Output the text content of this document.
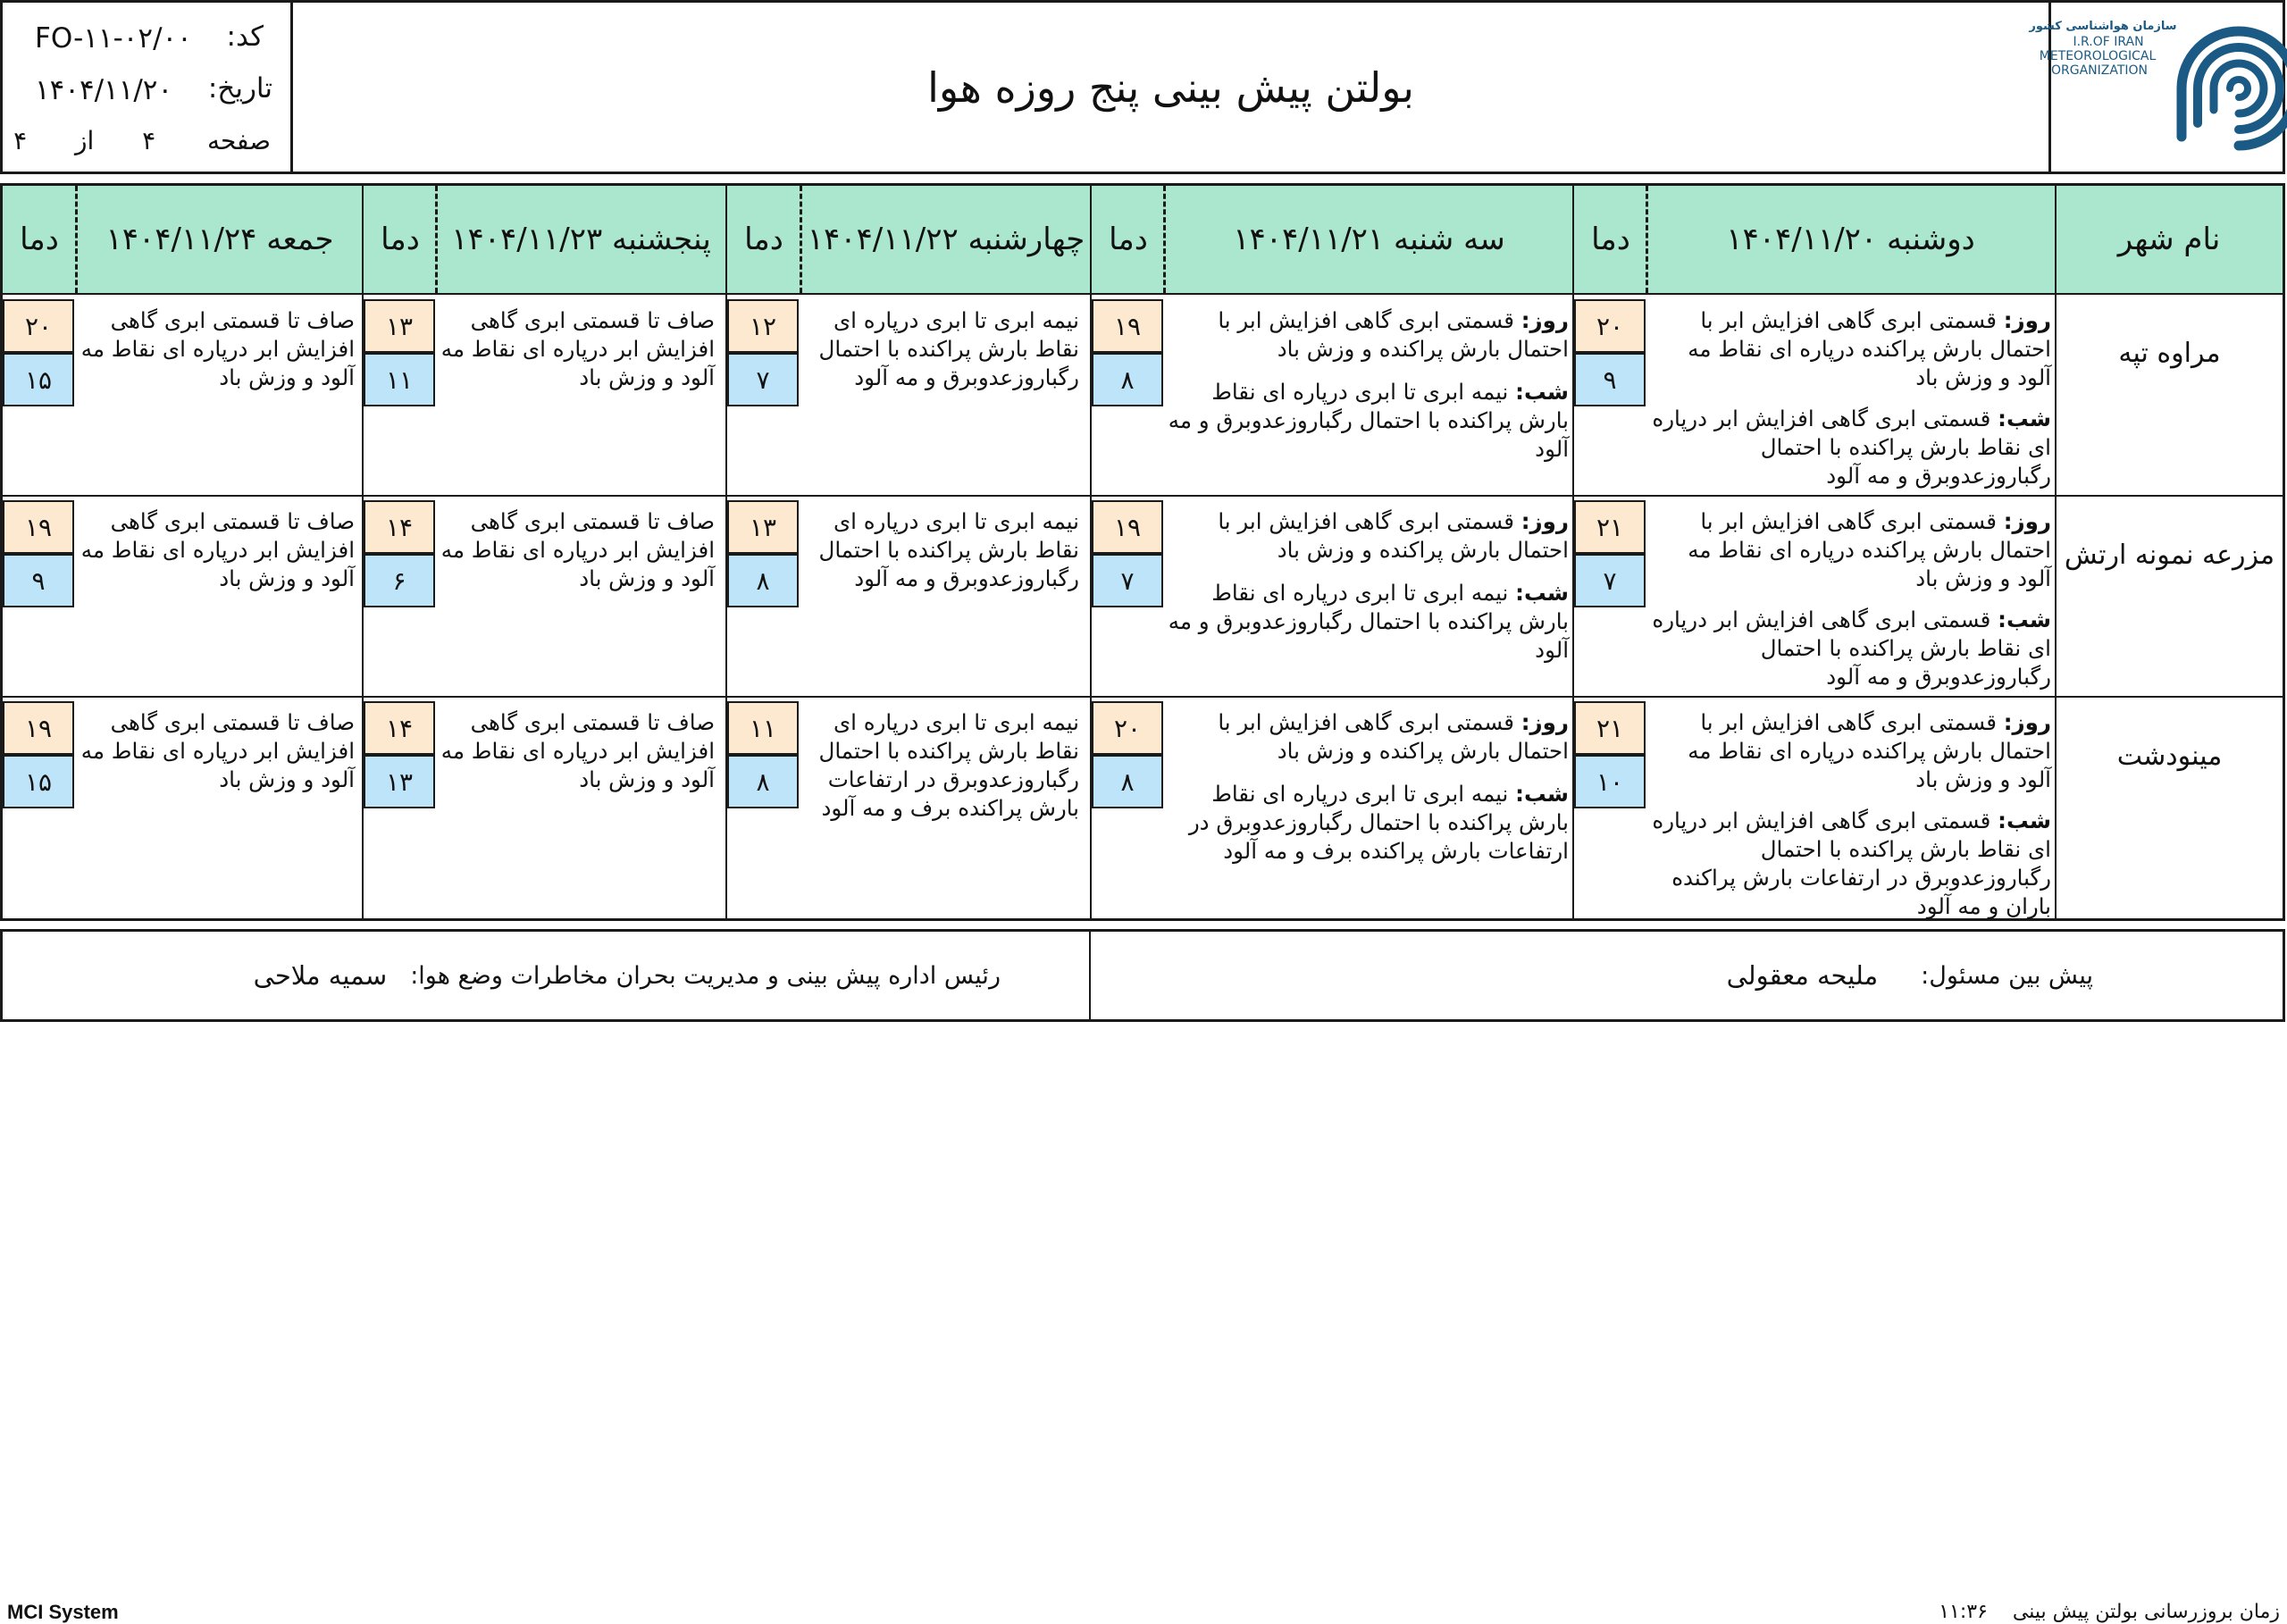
کد:
FO-۱۱-۰۲/۰۰
تاریخ:
۱۴۰۴/۱۱/۲۰
صفحه  ۴  از  ۴
بولتن پیش بینی پنج روزه هوا
سازمان هواشناسی کشور
I.R.OF IRAN
METEOROLOGICAL
ORGANIZATION
نام شهر
دوشنبه ۱۴۰۴/۱۱/۲۰
دما
سه شنبه ۱۴۰۴/۱۱/۲۱
دما
چهارشنبه ۱۴۰۴/۱۱/۲۲
دما
پنجشنبه ۱۴۰۴/۱۱/۲۳
دما
جمعه ۱۴۰۴/۱۱/۲۴
دما
مراوه تپه
روز: قسمتی ابری گاهی افزایش ابر با احتمال بارش پراکنده درپاره ای نقاط مه آلود و وزش باد
شب: قسمتی ابری گاهی افزایش ابر درپاره ای نقاط بارش پراکنده با احتمال رگباروزعدوبرق و مه آلود
۲۰
۹
روز: قسمتی ابری گاهی افزایش ابر با احتمال بارش پراکنده و وزش باد
شب: نیمه ابری تا ابری درپاره ای نقاط بارش پراکنده با احتمال رگباروزعدوبرق و مه آلود
۱۹
۸
نیمه ابری تا ابری درپاره ای نقاط بارش پراکنده با احتمال رگباروزعدوبرق و مه آلود
۱۲
۷
صاف تا قسمتی ابری گاهی افزایش ابر درپاره ای نقاط مه آلود و وزش باد
۱۳
۱۱
صاف تا قسمتی ابری گاهی افزایش ابر درپاره ای نقاط مه آلود و وزش باد
۲۰
۱۵
مزرعه نمونه ارتش
روز: قسمتی ابری گاهی افزایش ابر با احتمال بارش پراکنده درپاره ای نقاط مه آلود و وزش باد
شب: قسمتی ابری گاهی افزایش ابر درپاره ای نقاط بارش پراکنده با احتمال رگباروزعدوبرق و مه آلود
۲۱
۷
روز: قسمتی ابری گاهی افزایش ابر با احتمال بارش پراکنده و وزش باد
شب: نیمه ابری تا ابری درپاره ای نقاط بارش پراکنده با احتمال رگباروزعدوبرق و مه آلود
۱۹
۷
نیمه ابری تا ابری درپاره ای نقاط بارش پراکنده با احتمال رگباروزعدوبرق و مه آلود
۱۳
۸
صاف تا قسمتی ابری گاهی افزایش ابر درپاره ای نقاط مه آلود و وزش باد
۱۴
۶
صاف تا قسمتی ابری گاهی افزایش ابر درپاره ای نقاط مه آلود و وزش باد
۱۹
۹
مینودشت
روز: قسمتی ابری گاهی افزایش ابر با احتمال بارش پراکنده درپاره ای نقاط مه آلود و وزش باد
شب: قسمتی ابری گاهی افزایش ابر درپاره ای نقاط بارش پراکنده با احتمال رگباروزعدوبرق در ارتفاعات بارش پراکنده باران و مه آلود
۲۱
۱۰
روز: قسمتی ابری گاهی افزایش ابر با احتمال بارش پراکنده و وزش باد
شب: نیمه ابری تا ابری درپاره ای نقاط بارش پراکنده با احتمال رگباروزعدوبرق در ارتفاعات بارش پراکنده برف و مه آلود
۲۰
۸
نیمه ابری تا ابری درپاره ای نقاط بارش پراکنده با احتمال رگباروزعدوبرق در ارتفاعات بارش پراکنده برف و مه آلود
۱۱
۸
صاف تا قسمتی ابری گاهی افزایش ابر درپاره ای نقاط مه آلود و وزش باد
۱۴
۱۳
صاف تا قسمتی ابری گاهی افزایش ابر درپاره ای نقاط مه آلود و وزش باد
۱۹
۱۵
پیش بین مسئول:
ملیحه معقولی
رئیس اداره پیش بینی و مدیریت بحران مخاطرات وضع هوا:
سمیه ملاحی
MCI System	زمان بروزرسانی بولتن پیش بینی  ۱۱:۳۶
